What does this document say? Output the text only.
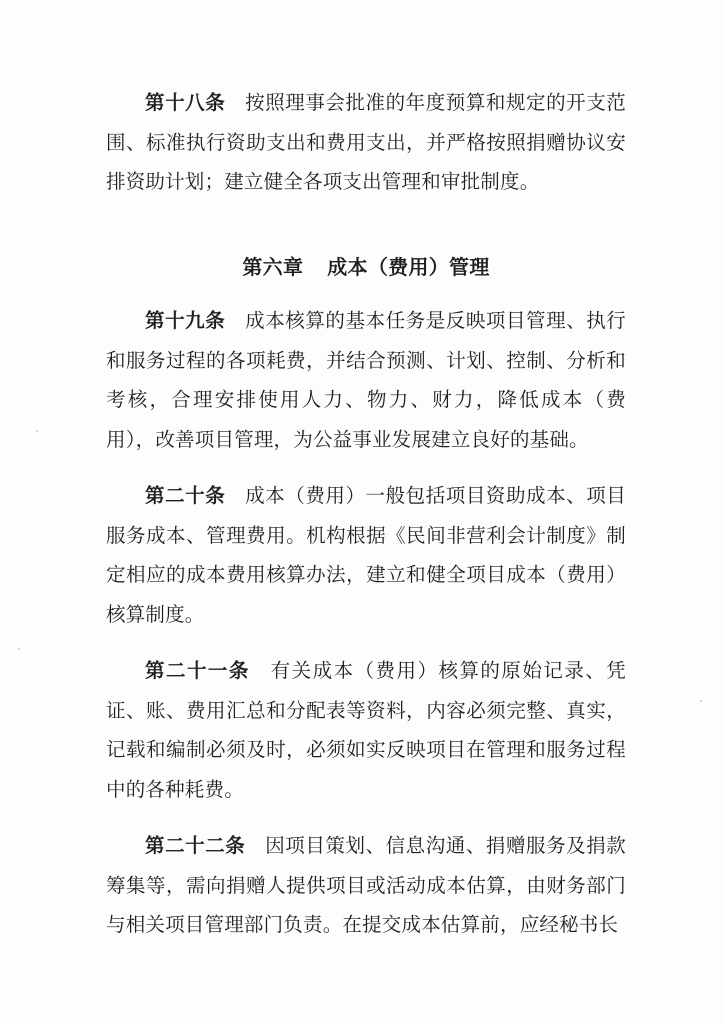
第十八条 按照理事会批准的年度预算和规定的开支范围、标准执行资助支出和费用支出，并严格按照捐赠协议安排资助计划；建立健全各项支出管理和审批制度。

第六章 成本（费用）管理

第十九条 成本核算的基本任务是反映项目管理、执行和服务过程的各项耗费，并结合预测、计划、控制、分析和考核，合理安排使用人力、物力、财力，降低成本（费用），改善项目管理，为公益事业发展建立良好的基础。

第二十条 成本（费用）一般包括项目资助成本、项目服务成本、管理费用。机构根据《民间非营利会计制度》制定相应的成本费用核算办法，建立和健全项目成本（费用）核算制度。

第二十一条 有关成本（费用）核算的原始记录、凭证、账、费用汇总和分配表等资料，内容必须完整、真实，记载和编制必须及时，必须如实反映项目在管理和服务过程中的各种耗费。

第二十二条 因项目策划、信息沟通、捐赠服务及捐款筹集等，需向捐赠人提供项目或活动成本估算，由财务部门与相关项目管理部门负责。在提交成本估算前，应经秘书长
